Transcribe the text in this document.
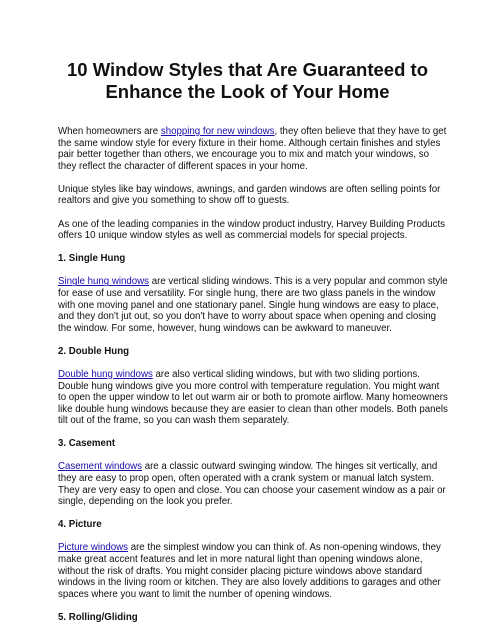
10 Window Styles that Are Guaranteed to Enhance the Look of Your Home

When homeowners are shopping for new windows, they often believe that they have to get the same window style for every fixture in their home. Although certain finishes and styles pair better together than others, we encourage you to mix and match your windows, so they reflect the character of different spaces in your home.

Unique styles like bay windows, awnings, and garden windows are often selling points for realtors and give you something to show off to guests.

As one of the leading companies in the window product industry, Harvey Building Products offers 10 unique window styles as well as commercial models for special projects.

1. Single Hung

Single hung windows are vertical sliding windows. This is a very popular and common style for ease of use and versatility. For single hung, there are two glass panels in the window with one moving panel and one stationary panel. Single hung windows are easy to place, and they don't jut out, so you don't have to worry about space when opening and closing the window. For some, however, hung windows can be awkward to maneuver.

2. Double Hung

Double hung windows are also vertical sliding windows, but with two sliding portions. Double hung windows give you more control with temperature regulation. You might want to open the upper window to let out warm air or both to promote airflow. Many homeowners like double hung windows because they are easier to clean than other models. Both panels tilt out of the frame, so you can wash them separately.

3. Casement

Casement windows are a classic outward swinging window. The hinges sit vertically, and they are easy to prop open, often operated with a crank system or manual latch system. They are very easy to open and close. You can choose your casement window as a pair or single, depending on the look you prefer.

4. Picture

Picture windows are the simplest window you can think of. As non-opening windows, they make great accent features and let in more natural light than opening windows alone, without the risk of drafts. You might consider placing picture windows above standard windows in the living room or kitchen. They are also lovely additions to garages and other spaces where you want to limit the number of opening windows.

5. Rolling/Gliding
